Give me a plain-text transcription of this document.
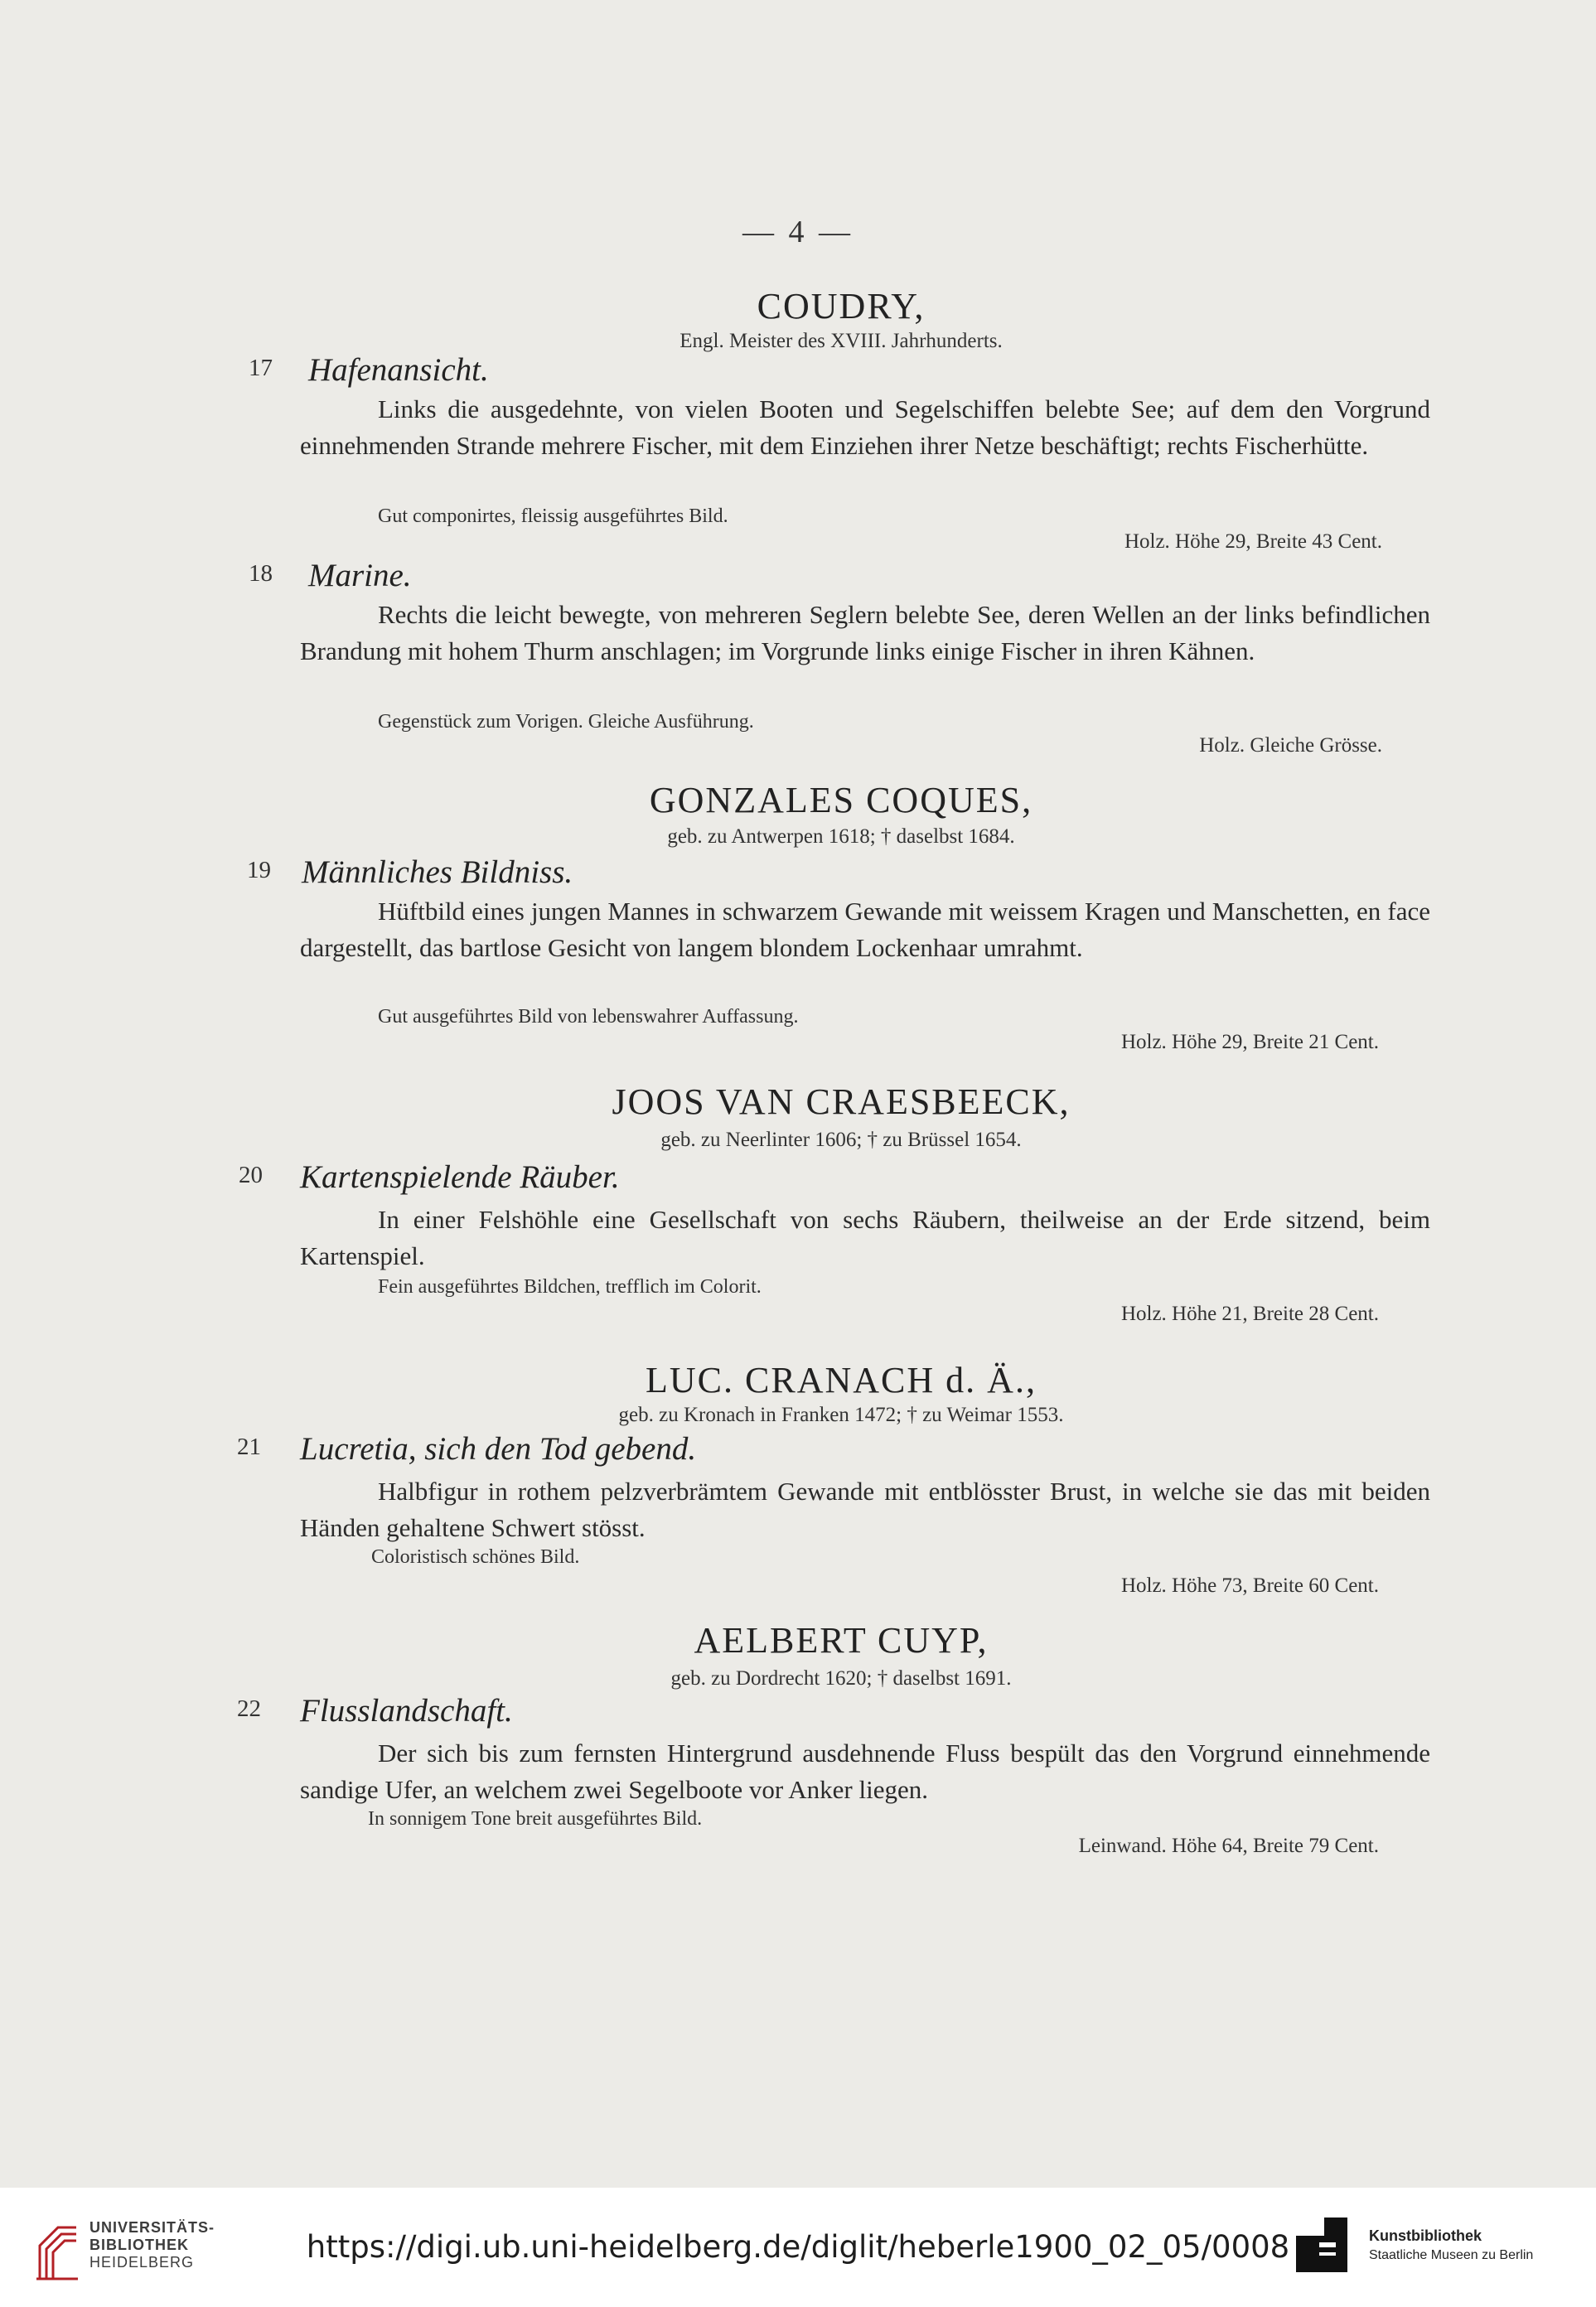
— 4 —
COUDRY,
Engl. Meister des XVIII. Jahrhunderts.
17 Hafenansicht.

Links die ausgedehnte, von vielen Booten und Segelschiffen belebte See; auf dem den Vorgrund einnehmenden Strande mehrere Fischer, mit dem Einziehen ihrer Netze beschäftigt; rechts Fischerhütte.

Gut componirtes, fleissig ausgeführtes Bild.
Holz. Höhe 29, Breite 43 Cent.
18 Marine.

Rechts die leicht bewegte, von mehreren Seglern belebte See, deren Wellen an der links befindlichen Brandung mit hohem Thurm anschlagen; im Vorgrunde links einige Fischer in ihren Kähnen.

Gegenstück zum Vorigen. Gleiche Ausführung.
Holz. Gleiche Grösse.
GONZALES COQUES,
geb. zu Antwerpen 1618; † daselbst 1684.
19 Männliches Bildniss.

Hüftbild eines jungen Mannes in schwarzem Gewande mit weissem Kragen und Manschetten, en face dargestellt, das bartlose Gesicht von langem blondem Lockenhaar umrahmt.

Gut ausgeführtes Bild von lebenswahrer Auffassung.
Holz. Höhe 29, Breite 21 Cent.
JOOS VAN CRAESBEECK,
geb. zu Neerlinter 1606; † zu Brüssel 1654.
20 Kartenspielende Räuber.

In einer Felshöhle eine Gesellschaft von sechs Räubern, theilweise an der Erde sitzend, beim Kartenspiel.

Fein ausgeführtes Bildchen, trefflich im Colorit.
Holz. Höhe 21, Breite 28 Cent.
LUC. CRANACH d. Ä.,
geb. zu Kronach in Franken 1472; † zu Weimar 1553.
21 Lucretia, sich den Tod gebend.

Halbfigur in rothem pelzverbrämtem Gewande mit entblösster Brust, in welche sie das mit beiden Händen gehaltene Schwert stösst.

Coloristisch schönes Bild.
Holz. Höhe 73, Breite 60 Cent.
AELBERT CUYP,
geb. zu Dordrecht 1620; † daselbst 1691.
22 Flusslandschaft.

Der sich bis zum fernsten Hintergrund ausdehnende Fluss bespült das den Vorgrund einnehmende sandige Ufer, an welchem zwei Segelboote vor Anker liegen.

In sonnigem Tone breit ausgeführtes Bild.
Leinwand. Höhe 64, Breite 79 Cent.
UNIVERSITÄTS-
BIBLIOTHEK
HEIDELBERG	https://digi.ub.uni-heidelberg.de/diglit/heberle1900_02_05/0008	Kunstbibliothek
Staatliche Museen zu Berlin
